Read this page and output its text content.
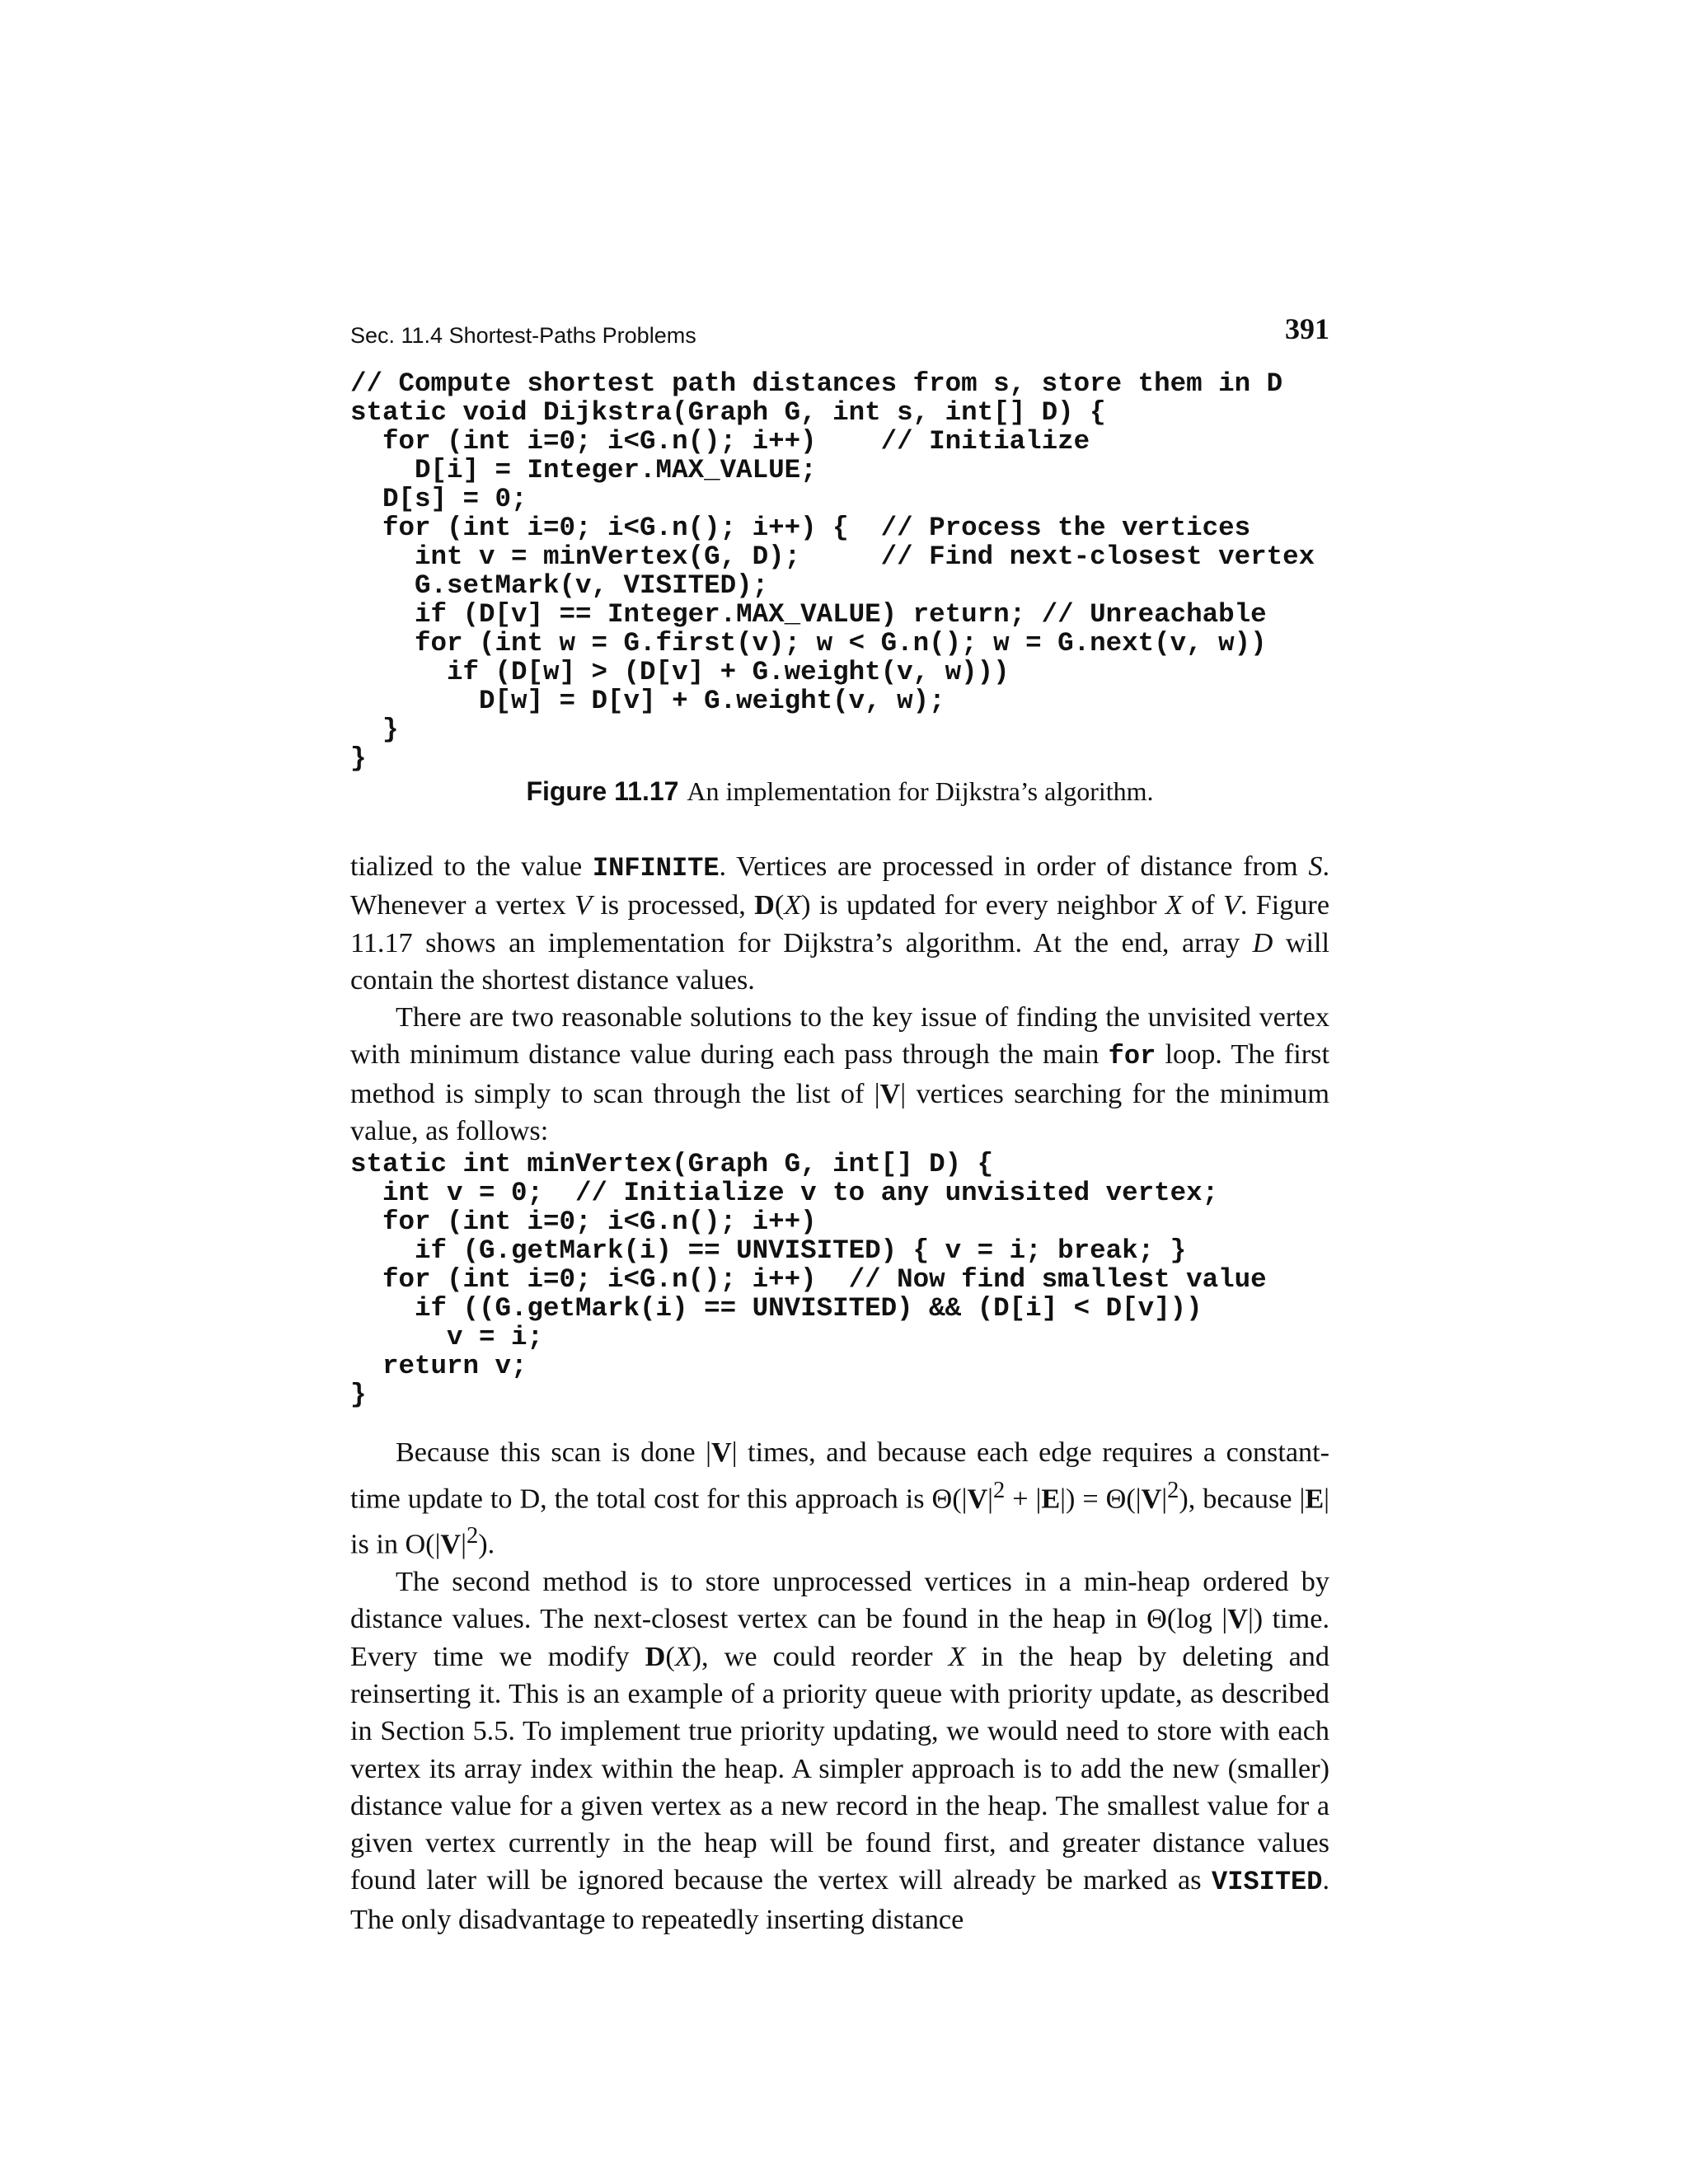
Sec. 11.4 Shortest-Paths Problems	391
// Compute shortest path distances from s, store them in D
static void Dijkstra(Graph G, int s, int[] D) {
for (int i=0; i<G.n(); i++)    // Initialize
D[i] = Integer.MAX_VALUE;
D[s] = 0;
for (int i=0; i<G.n(); i++) {  // Process the vertices
int v = minVertex(G, D);     // Find next-closest vertex
G.setMark(v, VISITED);
if (D[v] == Integer.MAX_VALUE) return; // Unreachable
for (int w = G.first(v); w < G.n(); w = G.next(v, w))
if (D[w] > (D[v] + G.weight(v, w)))
D[w] = D[v] + G.weight(v, w);
}
}
Figure 11.17 An implementation for Dijkstra’s algorithm.

tialized to the value INFINITE. Vertices are processed in order of distance from S. Whenever a vertex V is processed, D(X) is updated for every neighbor X of V. Figure 11.17 shows an implementation for Dijkstra’s algorithm. At the end, array D will contain the shortest distance values.

There are two reasonable solutions to the key issue of finding the unvisited vertex with minimum distance value during each pass through the main for loop. The first method is simply to scan through the list of |V| vertices searching for the minimum value, as follows:

static int minVertex(Graph G, int[] D) {
int v = 0;  // Initialize v to any unvisited vertex;
for (int i=0; i<G.n(); i++)
if (G.getMark(i) == UNVISITED) { v = i; break; }
for (int i=0; i<G.n(); i++)  // Now find smallest value
if ((G.getMark(i) == UNVISITED) && (D[i] < D[v]))
v = i;
return v;
}

Because this scan is done |V| times, and because each edge requires a constant-time update to D, the total cost for this approach is $\Theta(|V|^2 + |E|) = \Theta(|V|^2)$, because |E| is in $O(|V|^2)$.

The second method is to store unprocessed vertices in a min-heap ordered by distance values. The next-closest vertex can be found in the heap in Θ(log |V|) time. Every time we modify D(X), we could reorder X in the heap by deleting and reinserting it. This is an example of a priority queue with priority update, as described in Section 5.5. To implement true priority updating, we would need to store with each vertex its array index within the heap. A simpler approach is to add the new (smaller) distance value for a given vertex as a new record in the heap. The smallest value for a given vertex currently in the heap will be found first, and greater distance values found later will be ignored because the vertex will already be marked as VISITED. The only disadvantage to repeatedly inserting distance
